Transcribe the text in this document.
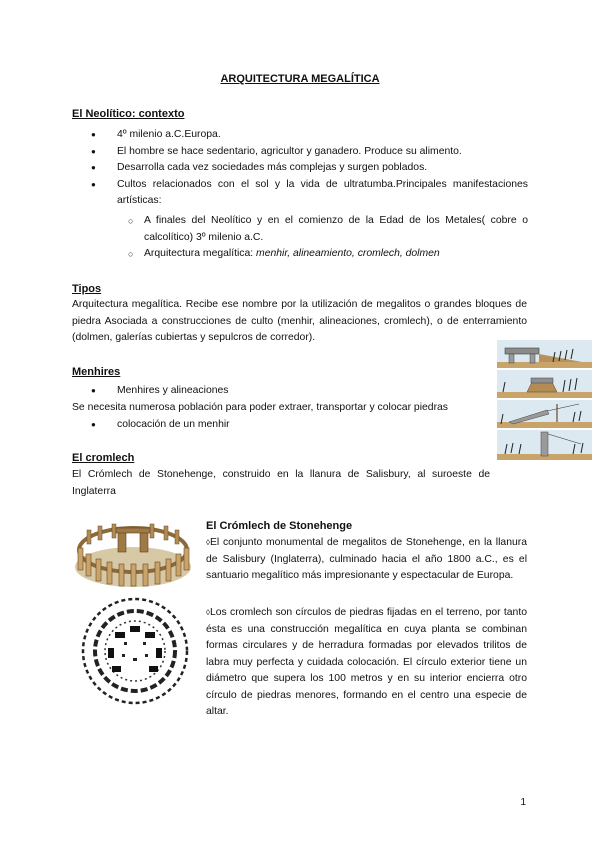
ARQUITECTURA MEGALÍTICA
El Neolítico: contexto
● 4º milenio a.C.Europa.
● El hombre se hace sedentario, agricultor y ganadero. Produce su alimento.
● Desarrolla cada vez sociedades más complejas y surgen poblados.
● Cultos relacionados con el sol y la vida de ultratumba.Principales manifestaciones artísticas:
○ A finales del Neolítico y en el comienzo de la Edad de los Metales( cobre o calcolítico) 3º milenio a.C.
○ Arquitectura megalítica: menhir, alineamiento, cromlech, dolmen
Tipos
Arquitectura megalítica. Recibe ese nombre por la utilización de megalitos o grandes bloques de piedra Asociada a construcciones de culto (menhir, alineaciones, cromlech), o de enterramiento (dolmen, galerías cubiertas y sepulcros de corredor).
Menhires
● Menhires y alineaciones
Se necesita numerosa población para poder extraer, transportar y colocar piedras
● colocación de un menhir
El cromlech
El Crómlech de Stonehenge, construido en la llanura de Salisbury, al suroeste de Inglaterra
El Crómlech de Stonehenge
◊El conjunto monumental de megalitos de Stonehenge, en la llanura de Salisbury (Inglaterra), culminado hacia el año 1800 a.C., es el santuario megalítico más impresionante y espectacular de Europa.
◊Los cromlech son círculos de piedras fijadas en el terreno, por tanto ésta es una construcción megalítica en cuya planta se combinan formas circulares y de herradura formadas por elevados trilitos de labra muy perfecta y cuidada colocación. El círculo exterior tiene un diámetro que supera los 100 metros y en su interior encierra otro círculo de piedras menores, formando en el centro una especie de altar.
1
